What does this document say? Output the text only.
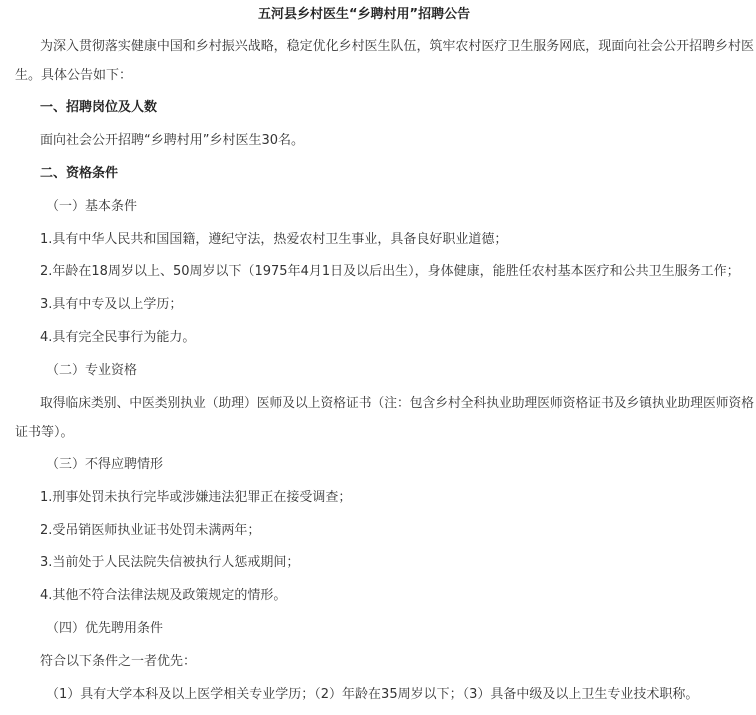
五河县乡村医生“乡聘村用”招聘公告

为深入贯彻落实健康中国和乡村振兴战略，稳定优化乡村医生队伍，筑牢农村医疗卫生服务网底，现面向社会公开招聘乡村医

生。具体公告如下：

一、招聘岗位及人数

面向社会公开招聘“乡聘村用”乡村医生30名。

二、资格条件

（一）基本条件

1.具有中华人民共和国国籍，遵纪守法，热爱农村卫生事业，具备良好职业道德；

2.年龄在18周岁以上、50周岁以下（1975年4月1日及以后出生），身体健康，能胜任农村基本医疗和公共卫生服务工作；

3.具有中专及以上学历；

4.具有完全民事行为能力。

（二）专业资格

取得临床类别、中医类别执业（助理）医师及以上资格证书（注：包含乡村全科执业助理医师资格证书及乡镇执业助理医师资格

证书等）。

（三）不得应聘情形

1.刑事处罚未执行完毕或涉嫌违法犯罪正在接受调查；

2.受吊销医师执业证书处罚未满两年；

3.当前处于人民法院失信被执行人惩戒期间；

4.其他不符合法律法规及政策规定的情形。

（四）优先聘用条件

符合以下条件之一者优先：

（1）具有大学本科及以上医学相关专业学历；（2）年龄在35周岁以下；（3）具备中级及以上卫生专业技术职称。
